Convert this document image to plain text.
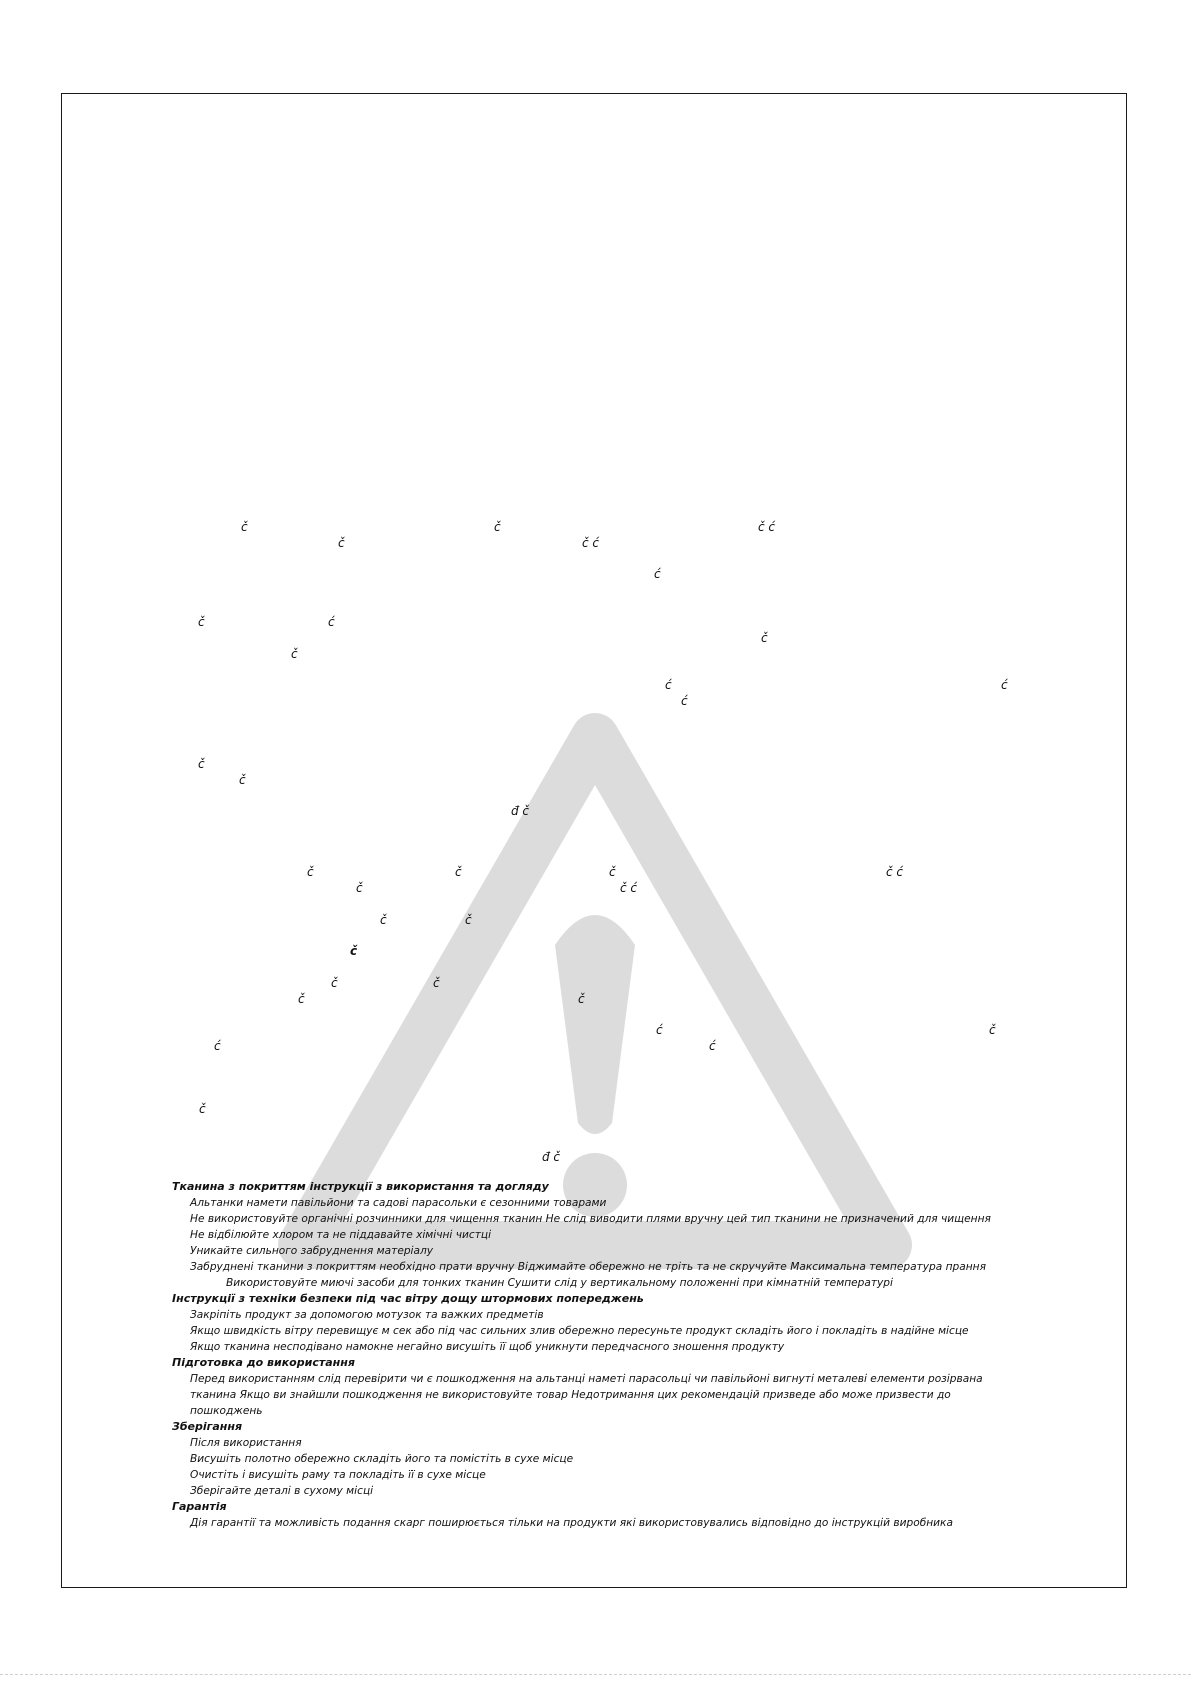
č	č	č ć
č	č ć
ć
č	ć
č
č
ć	ć
ć
č
č
đ č
č	č	č	č ć
č	č ć
č	č
č
č	č
č	č
ć	č
ć	ć
č
đ č

Тканина з покриттям інструкції з використання та догляду

Альтанки намети павільйони та садові парасольки є сезонними товарами

Не використовуйте органічні розчинники для чищення тканин Не слід виводити плями вручну цей тип тканини не призначений для чищення

Не відбілюйте хлором та не піддавайте хімічні чистці

Уникайте сильного забруднення матеріалу

Забруднені тканини з покриттям необхідно прати вручну Віджимайте обережно не тріть та не скручуйте Максимальна температура прання

Використовуйте миючі засоби для тонких тканин Сушити слід у вертикальному положенні при кімнатній температурі

Інструкції з техніки безпеки під час вітру дощу штормових попереджень

Закріпіть продукт за допомогою мотузок та важких предметів

Якщо швидкість вітру перевищує м сек або під час сильних злив обережно пересуньте продукт складіть його і покладіть в надійне місце

Якщо тканина несподівано намокне негайно висушіть її щоб уникнути передчасного зношення продукту

Підготовка до використання

Перед використанням слід перевірити чи є пошкодження на альтанці наметі парасольці чи павільйоні вигнуті металеві елементи розірвана

тканина Якщо ви знайшли пошкодження не використовуйте товар Недотримання цих рекомендацій призведе або може призвести до

пошкоджень

Зберігання

Після використання

Висушіть полотно обережно складіть його та помістіть в сухе місце

Очистіть і висушіть раму та покладіть її в сухе місце

Зберігайте деталі в сухому місці

Гарантія

Дія гарантії та можливість подання скарг поширюється тільки на продукти які використовувались відповідно до інструкцій виробника
